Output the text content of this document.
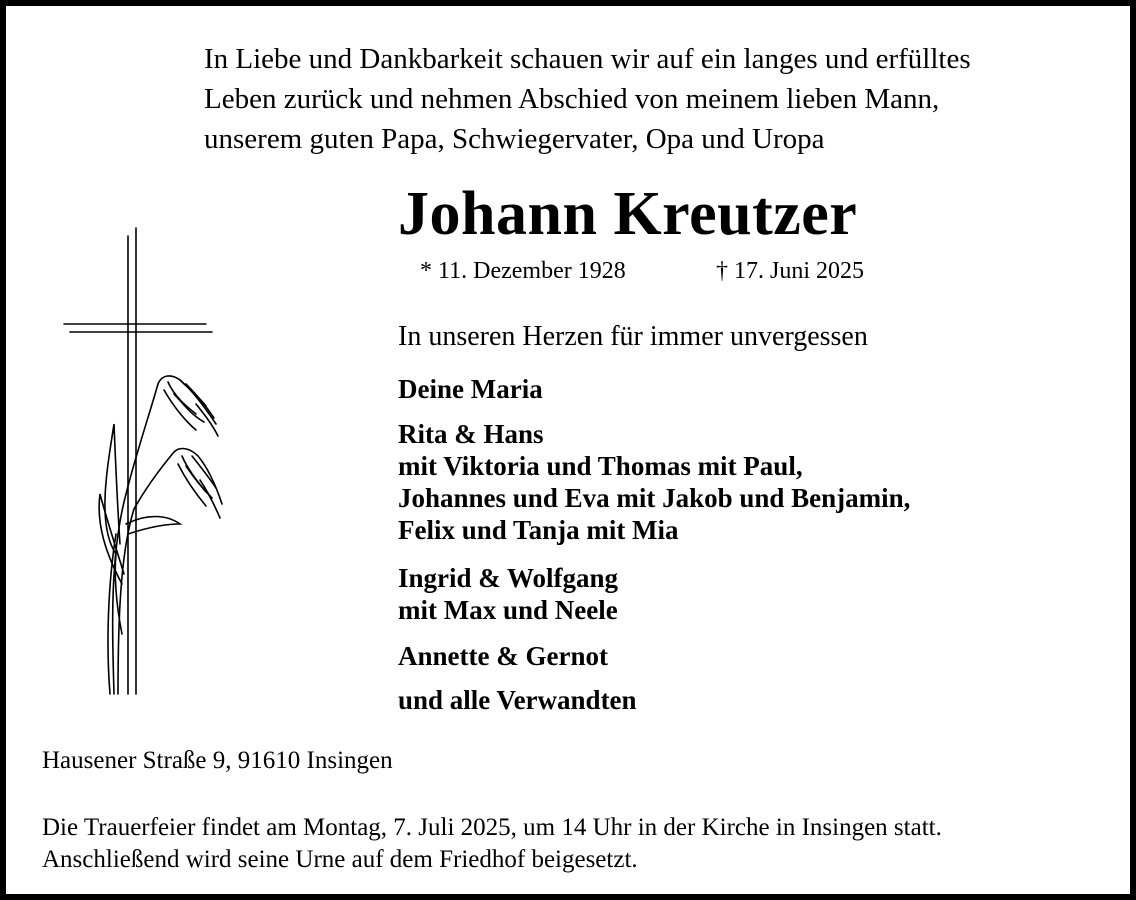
In Liebe und Dankbarkeit schauen wir auf ein langes und erfülltes
Leben zurück und nehmen Abschied von meinem lieben Mann,
unserem guten Papa, Schwiegervater, Opa und Uropa
Johann Kreutzer
* 11. Dezember 1928	† 17. Juni 2025
In unseren Herzen für immer unvergessen
Deine Maria
Rita & Hans
mit Viktoria und Thomas mit Paul,
Johannes und Eva mit Jakob und Benjamin,
Felix und Tanja mit Mia
Ingrid & Wolfgang
mit Max und Neele
Annette & Gernot
und alle Verwandten
Hausener Straße 9, 91610 Insingen
Die Trauerfeier findet am Montag, 7. Juli 2025, um 14 Uhr in der Kirche in Insingen statt.
Anschließend wird seine Urne auf dem Friedhof beigesetzt.
